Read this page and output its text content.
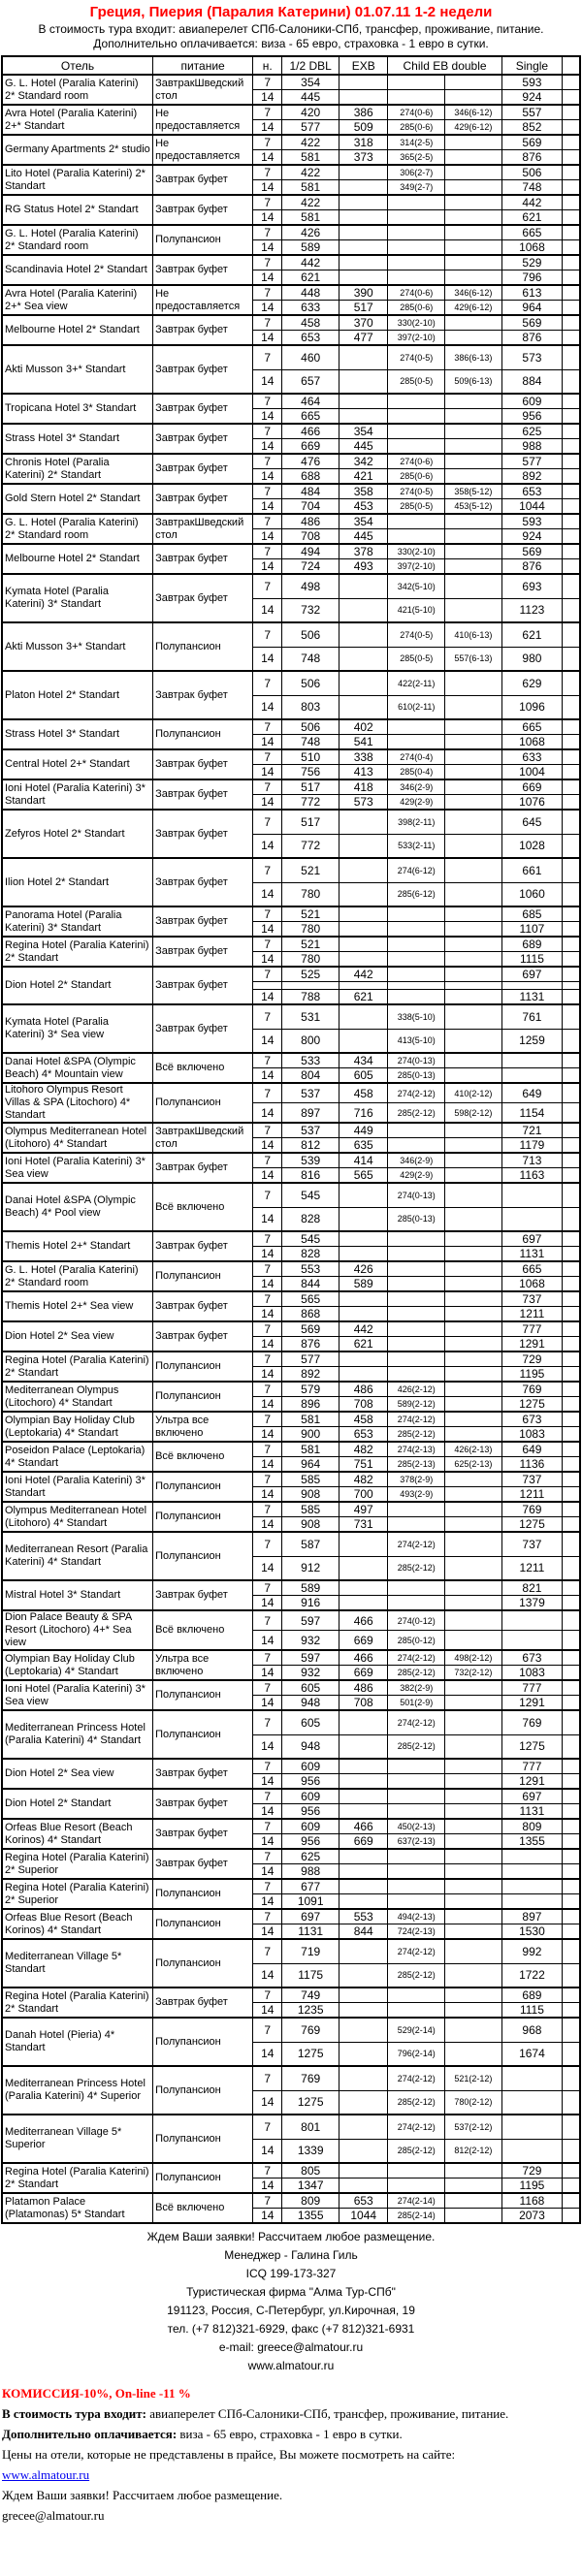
Греция, Пиерия (Паралия Катерини) 01.07.11 1-2 недели
В стоимость тура входит: авиаперелет СПб-Салоники-СПб, трансфер, проживание, питание.
Дополнительно оплачивается: виза - 65 евро, страховка - 1 евро в сутки.
Отель	питание	н.	1/2 DBL	EXB	Child EB double		Single	
G. L. Hotel (Paralia Katerini) 2* Standard room	ЗавтракШведский стол	7	354				593	
		14	445				924	
Avra Hotel (Paralia Katerini) 2+* Standart	Не предоставляется	7	420	386	274(0-6)	346(6-12)	557	
		14	577	509	285(0-6)	429(6-12)	852	
Germany Apartments 2* studio	Не предоставляется	7	422	318	314(2-5)		569	
		14	581	373	365(2-5)		876	
Lito Hotel (Paralia Katerini) 2* Standart	Завтрак буфет	7	422		306(2-7)		506	
		14	581		349(2-7)		748	
RG Status Hotel 2* Standart	Завтрак буфет	7	422				442	
		14	581				621	
G. L. Hotel (Paralia Katerini) 2* Standard room	Полупансион	7	426				665	
		14	589				1068	
Scandinavia Hotel 2* Standart	Завтрак буфет	7	442				529	
		14	621				796	
Avra Hotel (Paralia Katerini) 2+* Sea view	Не предоставляется	7	448	390	274(0-6)	346(6-12)	613	
		14	633	517	285(0-6)	429(6-12)	964	
Melbourne Hotel 2* Standart	Завтрак буфет	7	458	370	330(2-10)		569	
		14	653	477	397(2-10)		876	
Akti Musson 3+* Standart	Завтрак буфет	7	460		274(0-5)	386(6-13)	573	
		14	657		285(0-5)	509(6-13)	884	
Tropicana Hotel 3* Standart	Завтрак буфет	7	464				609	
		14	665				956	
Strass Hotel 3* Standart	Завтрак буфет	7	466	354			625	
		14	669	445			988	
Chronis Hotel (Paralia Katerini) 2* Standart	Завтрак буфет	7	476	342	274(0-6)		577	
		14	688	421	285(0-6)		892	
Gold Stern Hotel 2* Standart	Завтрак буфет	7	484	358	274(0-5)	358(5-12)	653	
		14	704	453	285(0-5)	453(5-12)	1044	
G. L. Hotel (Paralia Katerini) 2* Standard room	ЗавтракШведский стол	7	486	354			593	
		14	708	445			924	
Melbourne Hotel 2* Standart	Завтрак буфет	7	494	378	330(2-10)		569	
		14	724	493	397(2-10)		876	
Kymata Hotel (Paralia Katerini) 3* Standart	Завтрак буфет	7	498		342(5-10)		693	
		14	732		421(5-10)		1123	
Akti Musson 3+* Standart	Полупансион	7	506		274(0-5)	410(6-13)	621	
		14	748		285(0-5)	557(6-13)	980	
Platon Hotel 2* Standart	Завтрак буфет	7	506		422(2-11)		629	
		14	803		610(2-11)		1096	
Strass Hotel 3* Standart	Полупансион	7	506	402			665	
		14	748	541			1068	
Central Hotel 2+* Standart	Завтрак буфет	7	510	338	274(0-4)		633	
		14	756	413	285(0-4)		1004	
Ioni Hotel (Paralia Katerini) 3* Standart	Завтрак буфет	7	517	418	346(2-9)		669	
		14	772	573	429(2-9)		1076	
Zefyros Hotel 2* Standart	Завтрак буфет	7	517		398(2-11)		645	
		14	772		533(2-11)		1028	
Ilion Hotel 2* Standart	Завтрак буфет	7	521		274(6-12)		661	
		14	780		285(6-12)		1060	
Panorama Hotel (Paralia Katerini) 3* Standart	Завтрак буфет	7	521				685	
		14	780				1107	
Regina Hotel (Paralia Katerini) 2* Standart	Завтрак буфет	7	521				689	
		14	780				1115	
Dion Hotel 2* Standart	Завтрак буфет	7	525	442			697	

		14	788	621			1131	
Kymata Hotel (Paralia Katerini) 3* Sea view	Завтрак буфет	7	531		338(5-10)		761	
		14	800		413(5-10)		1259	
Danai Hotel &SPA (Olympic Beach) 4* Mountain view	Всё включено	7	533	434	274(0-13)			
		14	804	605	285(0-13)			
Litohoro Olympus Resort Villas & SPA (Litochoro) 4* Standart	Полупансион	7	537	458	274(2-12)	410(2-12)	649	
		14	897	716	285(2-12)	598(2-12)	1154	
Olympus Mediterranean Hotel (Litohoro) 4* Standart	ЗавтракШведский стол	7	537	449			721	
		14	812	635			1179	
Ioni Hotel (Paralia Katerini) 3* Sea view	Завтрак буфет	7	539	414	346(2-9)		713	
		14	816	565	429(2-9)		1163	
Danai Hotel &SPA (Olympic Beach) 4* Pool view	Всё включено	7	545		274(0-13)			
		14	828		285(0-13)			
Themis Hotel 2+* Standart	Завтрак буфет	7	545				697	
		14	828				1131	
G. L. Hotel (Paralia Katerini) 2* Standard room	Полупансион	7	553	426			665	
		14	844	589			1068	
Themis Hotel 2+* Sea view	Завтрак буфет	7	565				737	
		14	868				1211	
Dion Hotel 2* Sea view	Завтрак буфет	7	569	442			777	
		14	876	621			1291	
Regina Hotel (Paralia Katerini) 2* Standart	Полупансион	7	577				729	
		14	892				1195	
Mediterranean Olympus (Litochoro) 4* Standart	Полупансион	7	579	486	426(2-12)		769	
		14	896	708	589(2-12)		1275	
Olympian Bay Holiday Club (Leptokaria) 4* Standart	Ультра все включено	7	581	458	274(2-12)		673	
		14	900	653	285(2-12)		1083	
Poseidon Palace (Leptokaria) 4* Standart	Всё включено	7	581	482	274(2-13)	426(2-13)	649	
		14	964	751	285(2-13)	625(2-13)	1136	
Ioni Hotel (Paralia Katerini) 3* Standart	Полупансион	7	585	482	378(2-9)		737	
		14	908	700	493(2-9)		1211	
Olympus Mediterranean Hotel (Litohoro) 4* Standart	Полупансион	7	585	497			769	
		14	908	731			1275	
Mediterranean Resort (Paralia Katerini) 4* Standart	Полупансион	7	587		274(2-12)		737	
		14	912		285(2-12)		1211	
Mistral Hotel 3* Standart	Завтрак буфет	7	589				821	
		14	916				1379	
Dion Palace Beauty & SPA Resort (Litochoro) 4+* Sea view	Всё включено	7	597	466	274(0-12)			
		14	932	669	285(0-12)			
Olympian Bay Holiday Club (Leptokaria) 4* Standart	Ультра все включено	7	597	466	274(2-12)	498(2-12)	673	
		14	932	669	285(2-12)	732(2-12)	1083	
Ioni Hotel (Paralia Katerini) 3* Sea view	Полупансион	7	605	486	382(2-9)		777	
		14	948	708	501(2-9)		1291	
Mediterranean Princess Hotel (Paralia Katerini) 4* Standart	Полупансион	7	605		274(2-12)		769	
		14	948		285(2-12)		1275	
Dion Hotel 2* Sea view	Завтрак буфет	7	609				777	
		14	956				1291	
Dion Hotel 2* Standart	Завтрак буфет	7	609				697	
		14	956				1131	
Orfeas Blue Resort (Beach Korinos) 4* Standart	Завтрак буфет	7	609	466	450(2-13)		809	
		14	956	669	637(2-13)		1355	
Regina Hotel (Paralia Katerini) 2* Superior	Завтрак буфет	7	625					
		14	988					
Regina Hotel (Paralia Katerini) 2* Superior	Полупансион	7	677					
		14	1091					
Orfeas Blue Resort (Beach Korinos) 4* Standart	Полупансион	7	697	553	494(2-13)		897	
		14	1131	844	724(2-13)		1530	
Mediterranean Village 5* Standart	Полупансион	7	719		274(2-12)		992	
		14	1175		285(2-12)		1722	
Regina Hotel (Paralia Katerini) 2* Standart	Завтрак буфет	7	749				689	
		14	1235				1115	
Danah Hotel (Pieria) 4* Standart	Полупансион	7	769		529(2-14)		968	
		14	1275		796(2-14)		1674	
Mediterranean Princess Hotel (Paralia Katerini) 4* Superior	Полупансион	7	769		274(2-12)	521(2-12)		
		14	1275		285(2-12)	780(2-12)		
Mediterranean Village 5* Superior	Полупансион	7	801		274(2-12)	537(2-12)		
		14	1339		285(2-12)	812(2-12)		
Regina Hotel (Paralia Katerini) 2* Standart	Полупансион	7	805				729	
		14	1347				1195	
Platamon Palace (Platamonas) 5* Standart	Всё включено	7	809	653	274(2-14)		1168	
		14	1355	1044	285(2-14)		2073	
Ждем Ваши заявки! Рассчитаем любое размещение.
Менеджер - Галина Гиль
ICQ 199-173-327
Туристическая фирма "Алма Тур-СПб"
191123, Россия, С-Петербург, ул.Кирочная, 19
тел. (+7 812)321-6929, факс (+7 812)321-6931
e-mail: greece@almatour.ru
www.almatour.ru
КОМИССИЯ-10%, On-line -11 %
В стоимость тура входит: авиаперелет СПб-Салоники-СПб, трансфер, проживание, питание.
Дополнительно оплачивается: виза - 65 евро, страховка - 1 евро в сутки.
Цены на отели, которые не представлены в прайсе, Вы можете посмотреть на сайте:
www.almatour.ru
Ждем Ваши заявки! Рассчитаем любое размещение.
grecee@almatour.ru
